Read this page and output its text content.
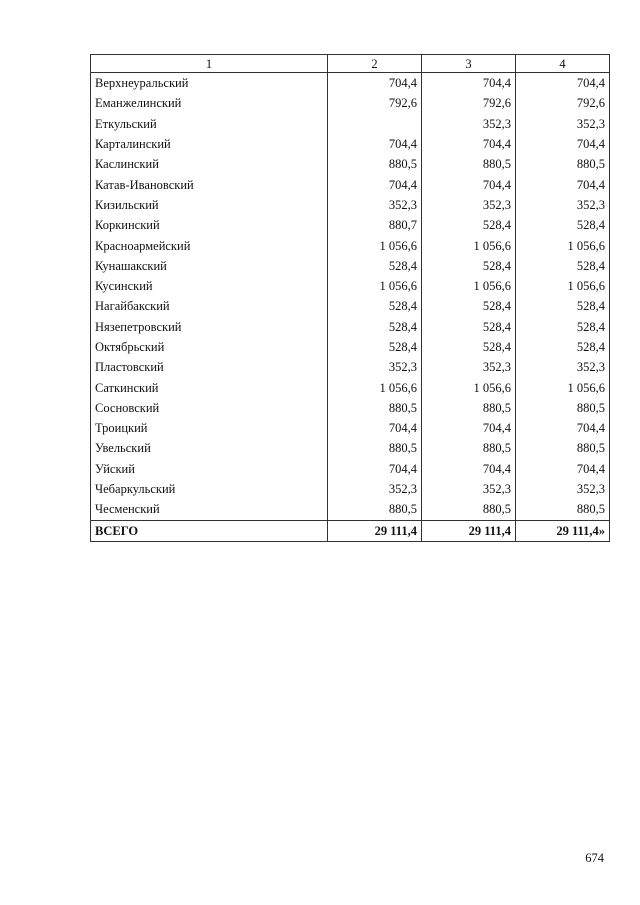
1	2	3	4
Верхнеуральский	704,4	704,4	704,4
Еманжелинский	792,6	792,6	792,6
Еткульский		352,3	352,3
Карталинский	704,4	704,4	704,4
Каслинский	880,5	880,5	880,5
Катав-Ивановский	704,4	704,4	704,4
Кизильский	352,3	352,3	352,3
Коркинский	880,7	528,4	528,4
Красноармейский	1 056,6	1 056,6	1 056,6
Кунашакский	528,4	528,4	528,4
Кусинский	1 056,6	1 056,6	1 056,6
Нагайбакский	528,4	528,4	528,4
Нязепетровский	528,4	528,4	528,4
Октябрьский	528,4	528,4	528,4
Пластовский	352,3	352,3	352,3
Саткинский	1 056,6	1 056,6	1 056,6
Сосновский	880,5	880,5	880,5
Троицкий	704,4	704,4	704,4
Увельский	880,5	880,5	880,5
Уйский	704,4	704,4	704,4
Чебаркульский	352,3	352,3	352,3
Чесменский	880,5	880,5	880,5
ВСЕГО	29 111,4	29 111,4	29 111,4»
674
